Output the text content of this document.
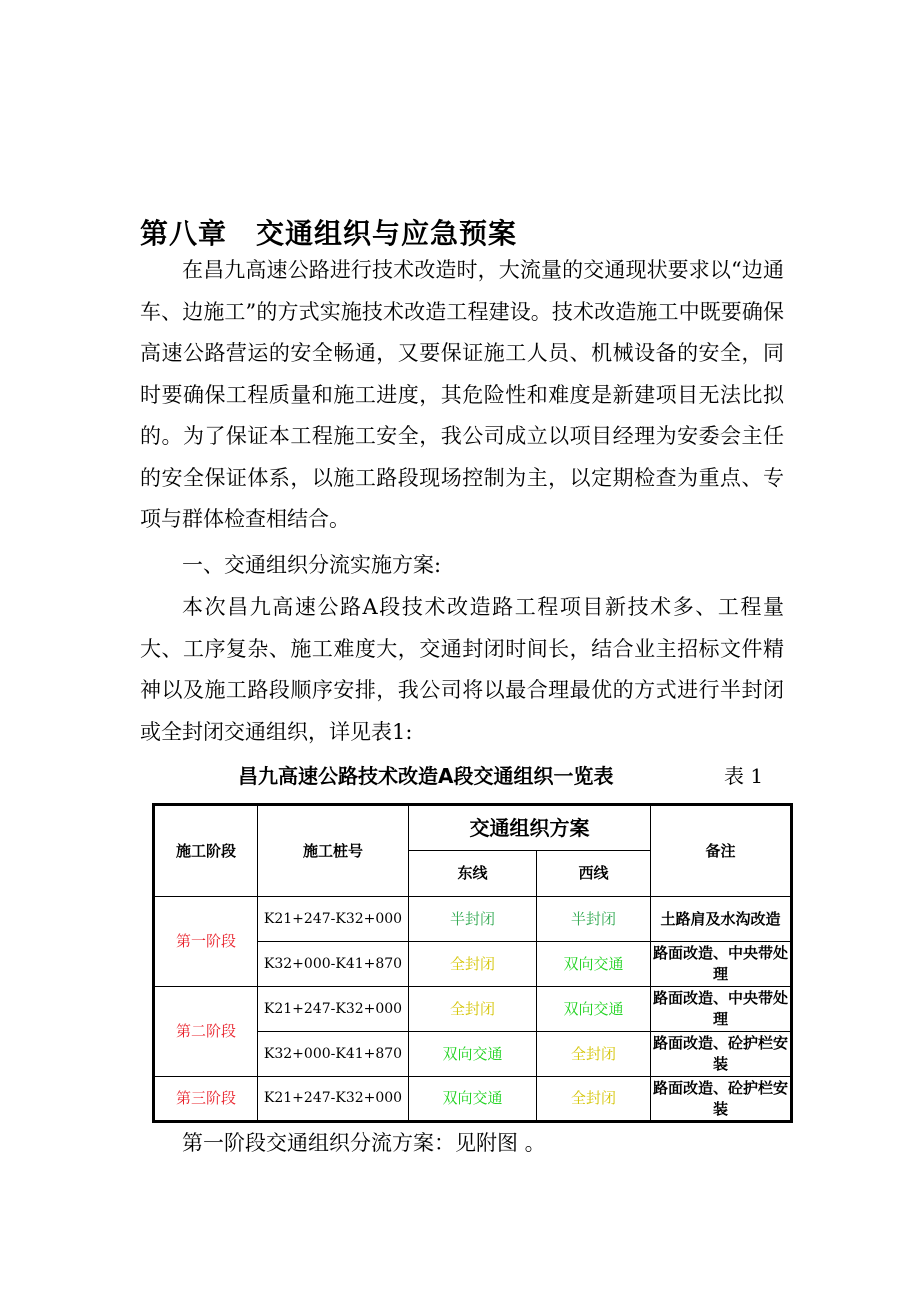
第八章　交通组织与应急预案

在昌九高速公路进行技术改造时，大流量的交通现状要求以“边通车、边施工”的方式实施技术改造工程建设。技术改造施工中既要确保高速公路营运的安全畅通，又要保证施工人员、机械设备的安全，同时要确保工程质量和施工进度，其危险性和难度是新建项目无法比拟的。为了保证本工程施工安全，我公司成立以项目经理为安委会主任的安全保证体系，以施工路段现场控制为主，以定期检查为重点、专项与群体检查相结合。

一、交通组织分流实施方案:

本次昌九高速公路A段技术改造路工程项目新技术多、工程量大、工序复杂、施工难度大，交通封闭时间长，结合业主招标文件精神以及施工路段顺序安排，我公司将以最合理最优的方式进行半封闭或全封闭交通组织，详见表1:

昌九高速公路技术改造A段交通组织一览表	表 1
施工阶段	施工桩号	交通组织方案		备注
		东线	西线	
第一阶段	K21+247-K32+000	半封闭	半封闭	土路肩及水沟改造
	K32+000-K41+870	全封闭	双向交通	路面改造、中央带处理
第二阶段	K21+247-K32+000	全封闭	双向交通	路面改造、中央带处理
	K32+000-K41+870	双向交通	全封闭	路面改造、砼护栏安装
第三阶段	K21+247-K32+000	双向交通	全封闭	路面改造、砼护栏安装
第一阶段交通组织分流方案：见附图 。
